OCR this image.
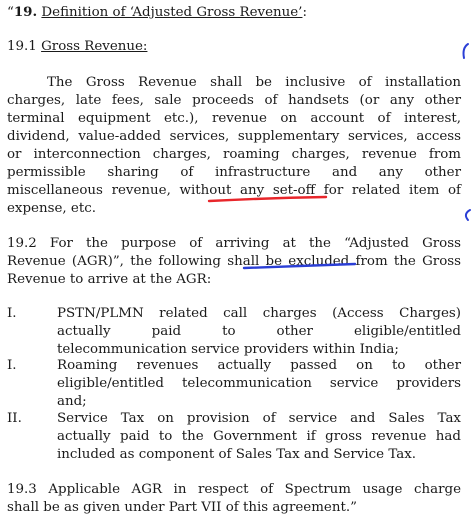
“19. Definition of ‘Adjusted Gross Revenue’:
19.1 Gross Revenue:
The Gross Revenue shall be inclusive of installation
charges, late fees, sale proceeds of handsets (or any other
terminal equipment etc.), revenue on account of interest,
dividend, value-added services, supplementary services, access
or interconnection charges, roaming charges, revenue from
permissible sharing of infrastructure and any other
miscellaneous revenue, without any set-off for related item of
expense, etc.
19.2 For the purpose of arriving at the “Adjusted Gross
Revenue (AGR)”, the following shall be excluded from the Gross
Revenue to arrive at the AGR:
I.	PSTN/PLMN related call charges (Access Charges)
actually paid to other eligible/entitled
telecommunication service providers within India;
I.	Roaming revenues actually passed on to other
eligible/entitled telecommunication service providers
and;
II.	Service Tax on provision of service and Sales Tax
actually paid to the Government if gross revenue had
included as component of Sales Tax and Service Tax.
19.3 Applicable AGR in respect of Spectrum usage charge
shall be as given under Part VII of this agreement.”
